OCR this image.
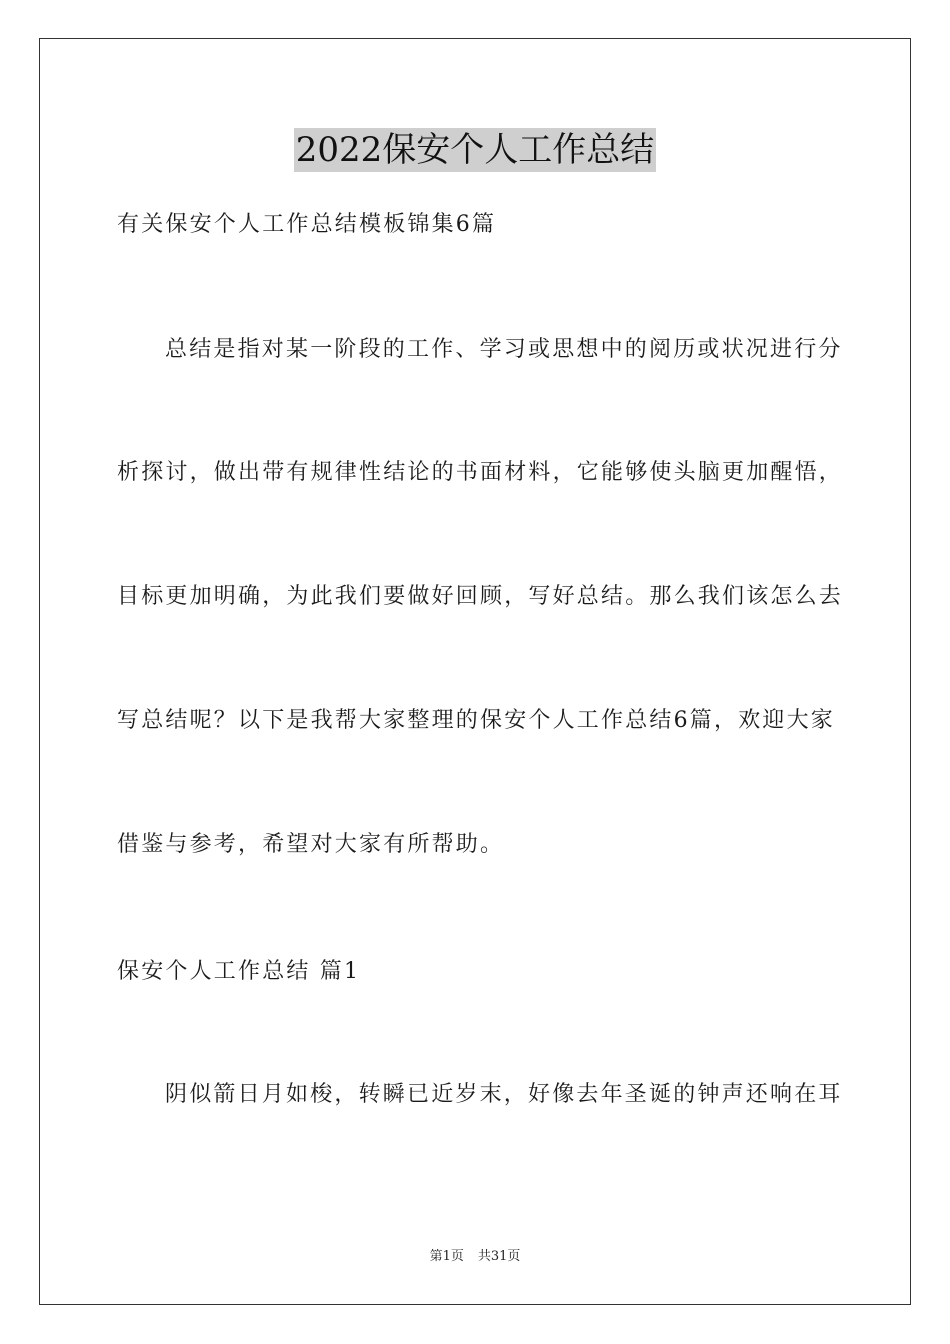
2022保安个人工作总结
有关保安个人工作总结模板锦集6篇
总结是指对某一阶段的工作、学习或思想中的阅历或状况进行分
析探讨，做出带有规律性结论的书面材料，它能够使头脑更加醒悟，
目标更加明确，为此我们要做好回顾，写好总结。那么我们该怎么去
写总结呢？以下是我帮大家整理的保安个人工作总结6篇，欢迎大家
借鉴与参考，希望对大家有所帮助。
保安个人工作总结 篇1
阴似箭日月如梭，转瞬已近岁末，好像去年圣诞的钟声还响在耳
第1页 共31页
